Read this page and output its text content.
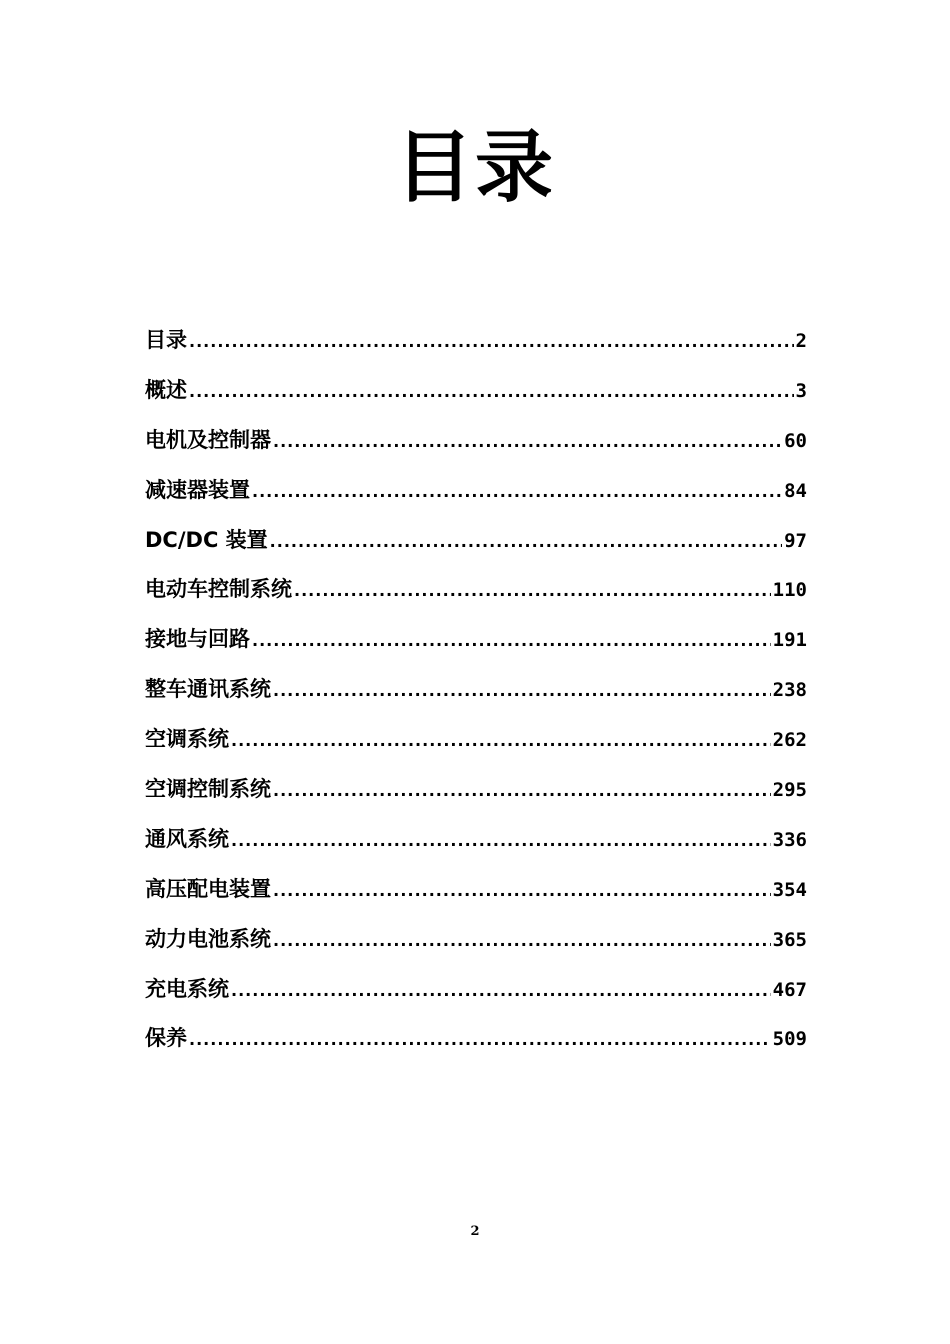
目录
目录 .....	2
概述 .....	3
电机及控制器 .....	60
减速器装置 .....	84
DC/DC 装置 .....	97
电动车控制系统 .....	110
接地与回路 .....	191
整车通讯系统 .....	238
空调系统 .....	262
空调控制系统 .....	295
通风系统 .....	336
高压配电装置 .....	354
动力电池系统 .....	365
充电系统 .....	467
保养 .....	509
2
